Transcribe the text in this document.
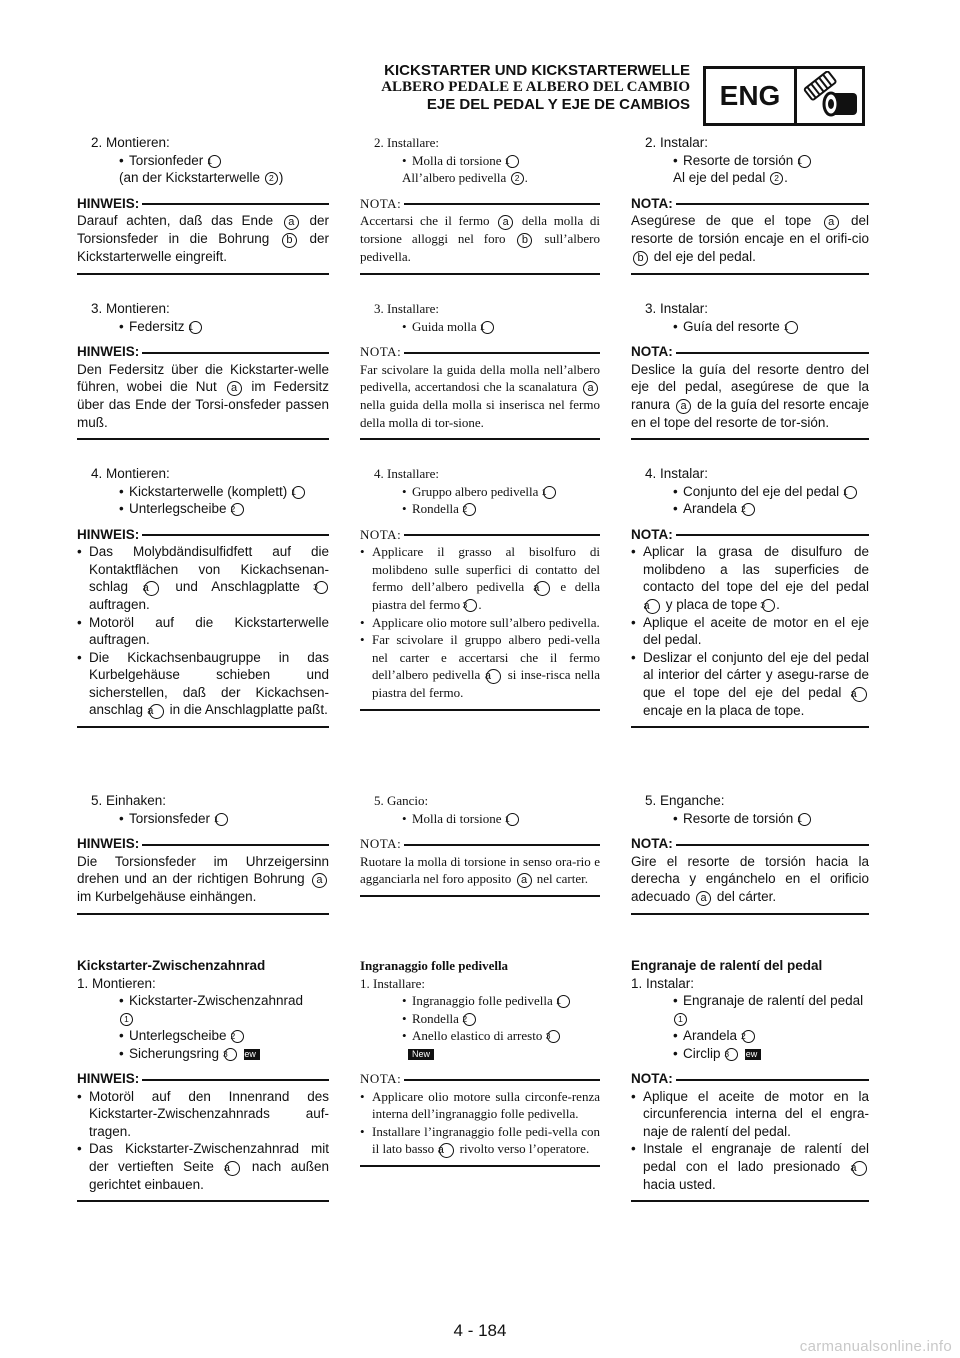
KICKSTARTER UND KICKSTARTERWELLE
ALBERO PEDALE E ALBERO DEL CAMBIO
EJE DEL PEDAL Y EJE DE CAMBIOS	ENG
2. Montieren:
• Torsionfeder 1
(an der Kickstarterwelle 2 )
HINWEIS:
Darauf achten, daß das Ende a der Torsionsfeder in die Bohrung b der Kickstarterwelle eingreift.
3. Montieren:
• Federsitz 1
HINWEIS:
Den Federsitz über die Kickstarter-welle führen, wobei die Nut a im Federsitz über das Ende der Torsi-onsfeder passen muß.
4. Montieren:
• Kickstarterwelle (komplett) 1
• Unterlegscheibe 2
HINWEIS:
• Das Molybdändisulfidfett auf die Kontaktflächen von Kickachsenan-schlag a und Anschlagplatte 3 auftragen.
• Motoröl auf die Kickstarterwelle auftragen.
• Die Kickachsenbaugruppe in das Kurbelgehäuse schieben und sicherstellen, daß der Kickachsen-anschlag a in die Anschlagplatte paßt.
5. Einhaken:
• Torsionsfeder 1
HINWEIS:
Die Torsionsfeder im Uhrzeigersinn drehen und an der richtigen Bohrung a im Kurbelgehäuse einhängen.
Kickstarter-Zwischenzahnrad
1. Montieren:
• Kickstarter-Zwischenzahnrad
1
• Unterlegscheibe 2
• Sicherungsring 3 New
HINWEIS:
• Motoröl auf den Innenrand des Kickstarter-Zwischenzahnrads auf-tragen.
• Das Kickstarter-Zwischenzahnrad mit der vertieften Seite a nach außen gerichtet einbauen.
2. Installare:
• Molla di torsione 1
All’albero pedivella 2 .
NOTA:
Accertarsi che il fermo a della molla di torsione alloggi nel foro b sull’albero pedivella.
3. Installare:
• Guida molla 1
NOTA:
Far scivolare la guida della molla nell’albero pedivella, accertandosi che la scanalatura a nella guida della molla si inserisca nel fermo della molla di tor-sione.
4. Installare:
• Gruppo albero pedivella 1
• Rondella 2
NOTA:
• Applicare il grasso al bisolfuro di molibdeno sulle superfici di contatto del fermo dell’albero pedivella a e della piastra del fermo 3 .
• Applicare olio motore sull’albero pedivella.
• Far scivolare il gruppo albero pedi-vella nel carter e accertarsi che il fermo dell’albero pedivella a si inse-risca nella piastra del fermo.
5. Gancio:
• Molla di torsione 1
NOTA:
Ruotare la molla di torsione in senso ora-rio e agganciarla nel foro apposito a nel carter.
Ingranaggio folle pedivella
1. Installare:
• Ingranaggio folle pedivella 1
• Rondella 2
• Anello elastico di arresto 3
New
NOTA:
• Applicare olio motore sulla circonfe-renza interna dell’ingranaggio folle pedivella.
• Installare l’ingranaggio folle pedi-vella con il lato basso a rivolto verso l’operatore.
2. Instalar:
• Resorte de torsión 1
Al eje del pedal 2 .
NOTA:
Asegúrese de que el tope a del resorte de torsión encaje en el orifi-cio b del eje del pedal.
3. Instalar:
• Guía del resorte 1
NOTA:
Deslice la guía del resorte dentro del eje del pedal, asegúrese de que la ranura a de la guía del resorte encaje en el tope del resorte de tor-sión.
4. Instalar:
• Conjunto del eje del pedal 1
• Arandela 2
NOTA:
• Aplicar la grasa de disulfuro de molibdeno a las superficies de contacto del tope del eje del pedal a y placa de tope 3 .
• Aplique el aceite de motor en el eje del pedal.
• Deslizar el conjunto del eje del pedal al interior del cárter y asegu-rarse de que el tope del eje del pedal a encaje en la placa de tope.
5. Enganche:
• Resorte de torsión 1
NOTA:
Gire el resorte de torsión hacia la derecha y engánchelo en el orificio adecuado a del cárter.
Engranaje de ralentí del pedal
1. Instalar:
• Engranaje de ralentí del pedal
1
• Arandela 2
• Circlip 3 New
NOTA:
• Aplique el aceite de motor en la circunferencia interna del el engra-naje de ralentí del pedal.
• Instale el engranaje de ralentí del pedal con el lado presionado a hacia usted.
4 - 184
carmanualsonline.info
